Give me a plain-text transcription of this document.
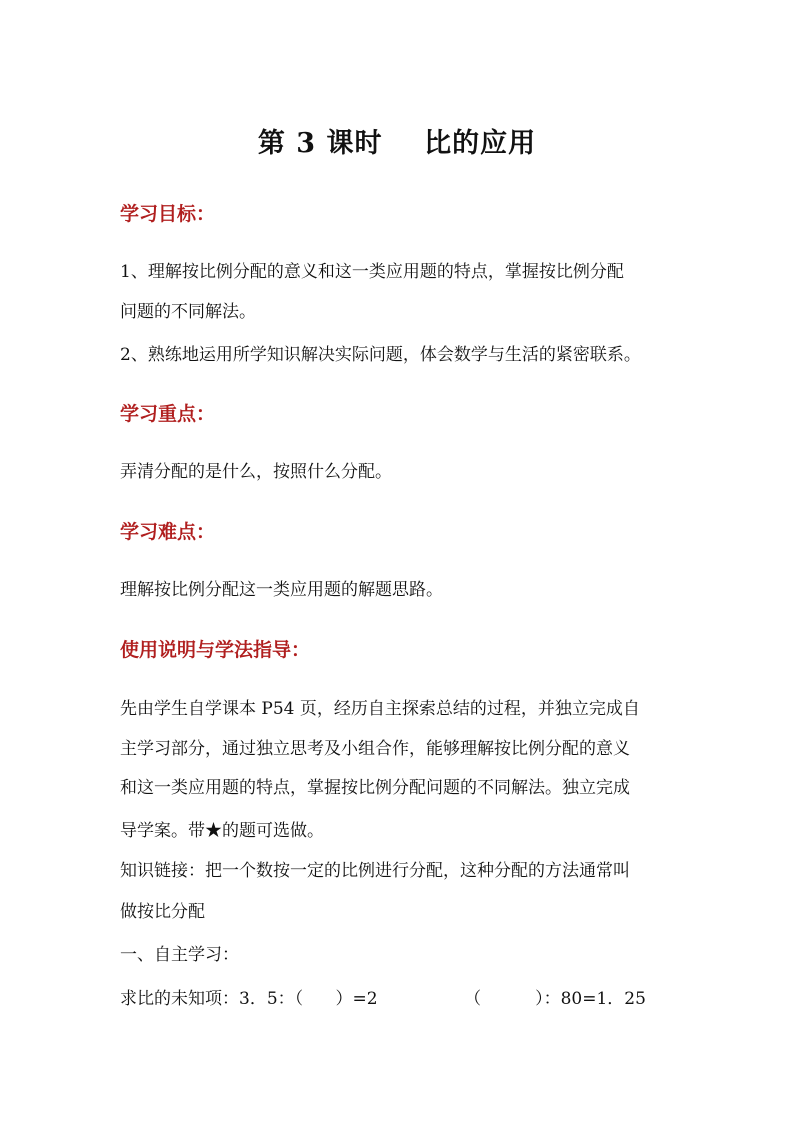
第 3 课时    比的应用
学习目标：
1、理解按比例分配的意义和这一类应用题的特点，掌握按比例分配
问题的不同解法。
2、熟练地运用所学知识解决实际问题，体会数学与生活的紧密联系。
学习重点：
弄清分配的是什么，按照什么分配。
学习难点：
理解按比例分配这一类应用题的解题思路。
使用说明与学法指导：
先由学生自学课本 P54 页，经历自主探索总结的过程，并独立完成自
主学习部分，通过独立思考及小组合作，能够理解按比例分配的意义
和这一类应用题的特点，掌握按比例分配问题的不同解法。独立完成
导学案。带★的题可选做。
知识链接：把一个数按一定的比例进行分配，这种分配的方法通常叫
做按比分配
一、自主学习：
求比的未知项：3．5：（      ）=2                （          ）：80=1．25
